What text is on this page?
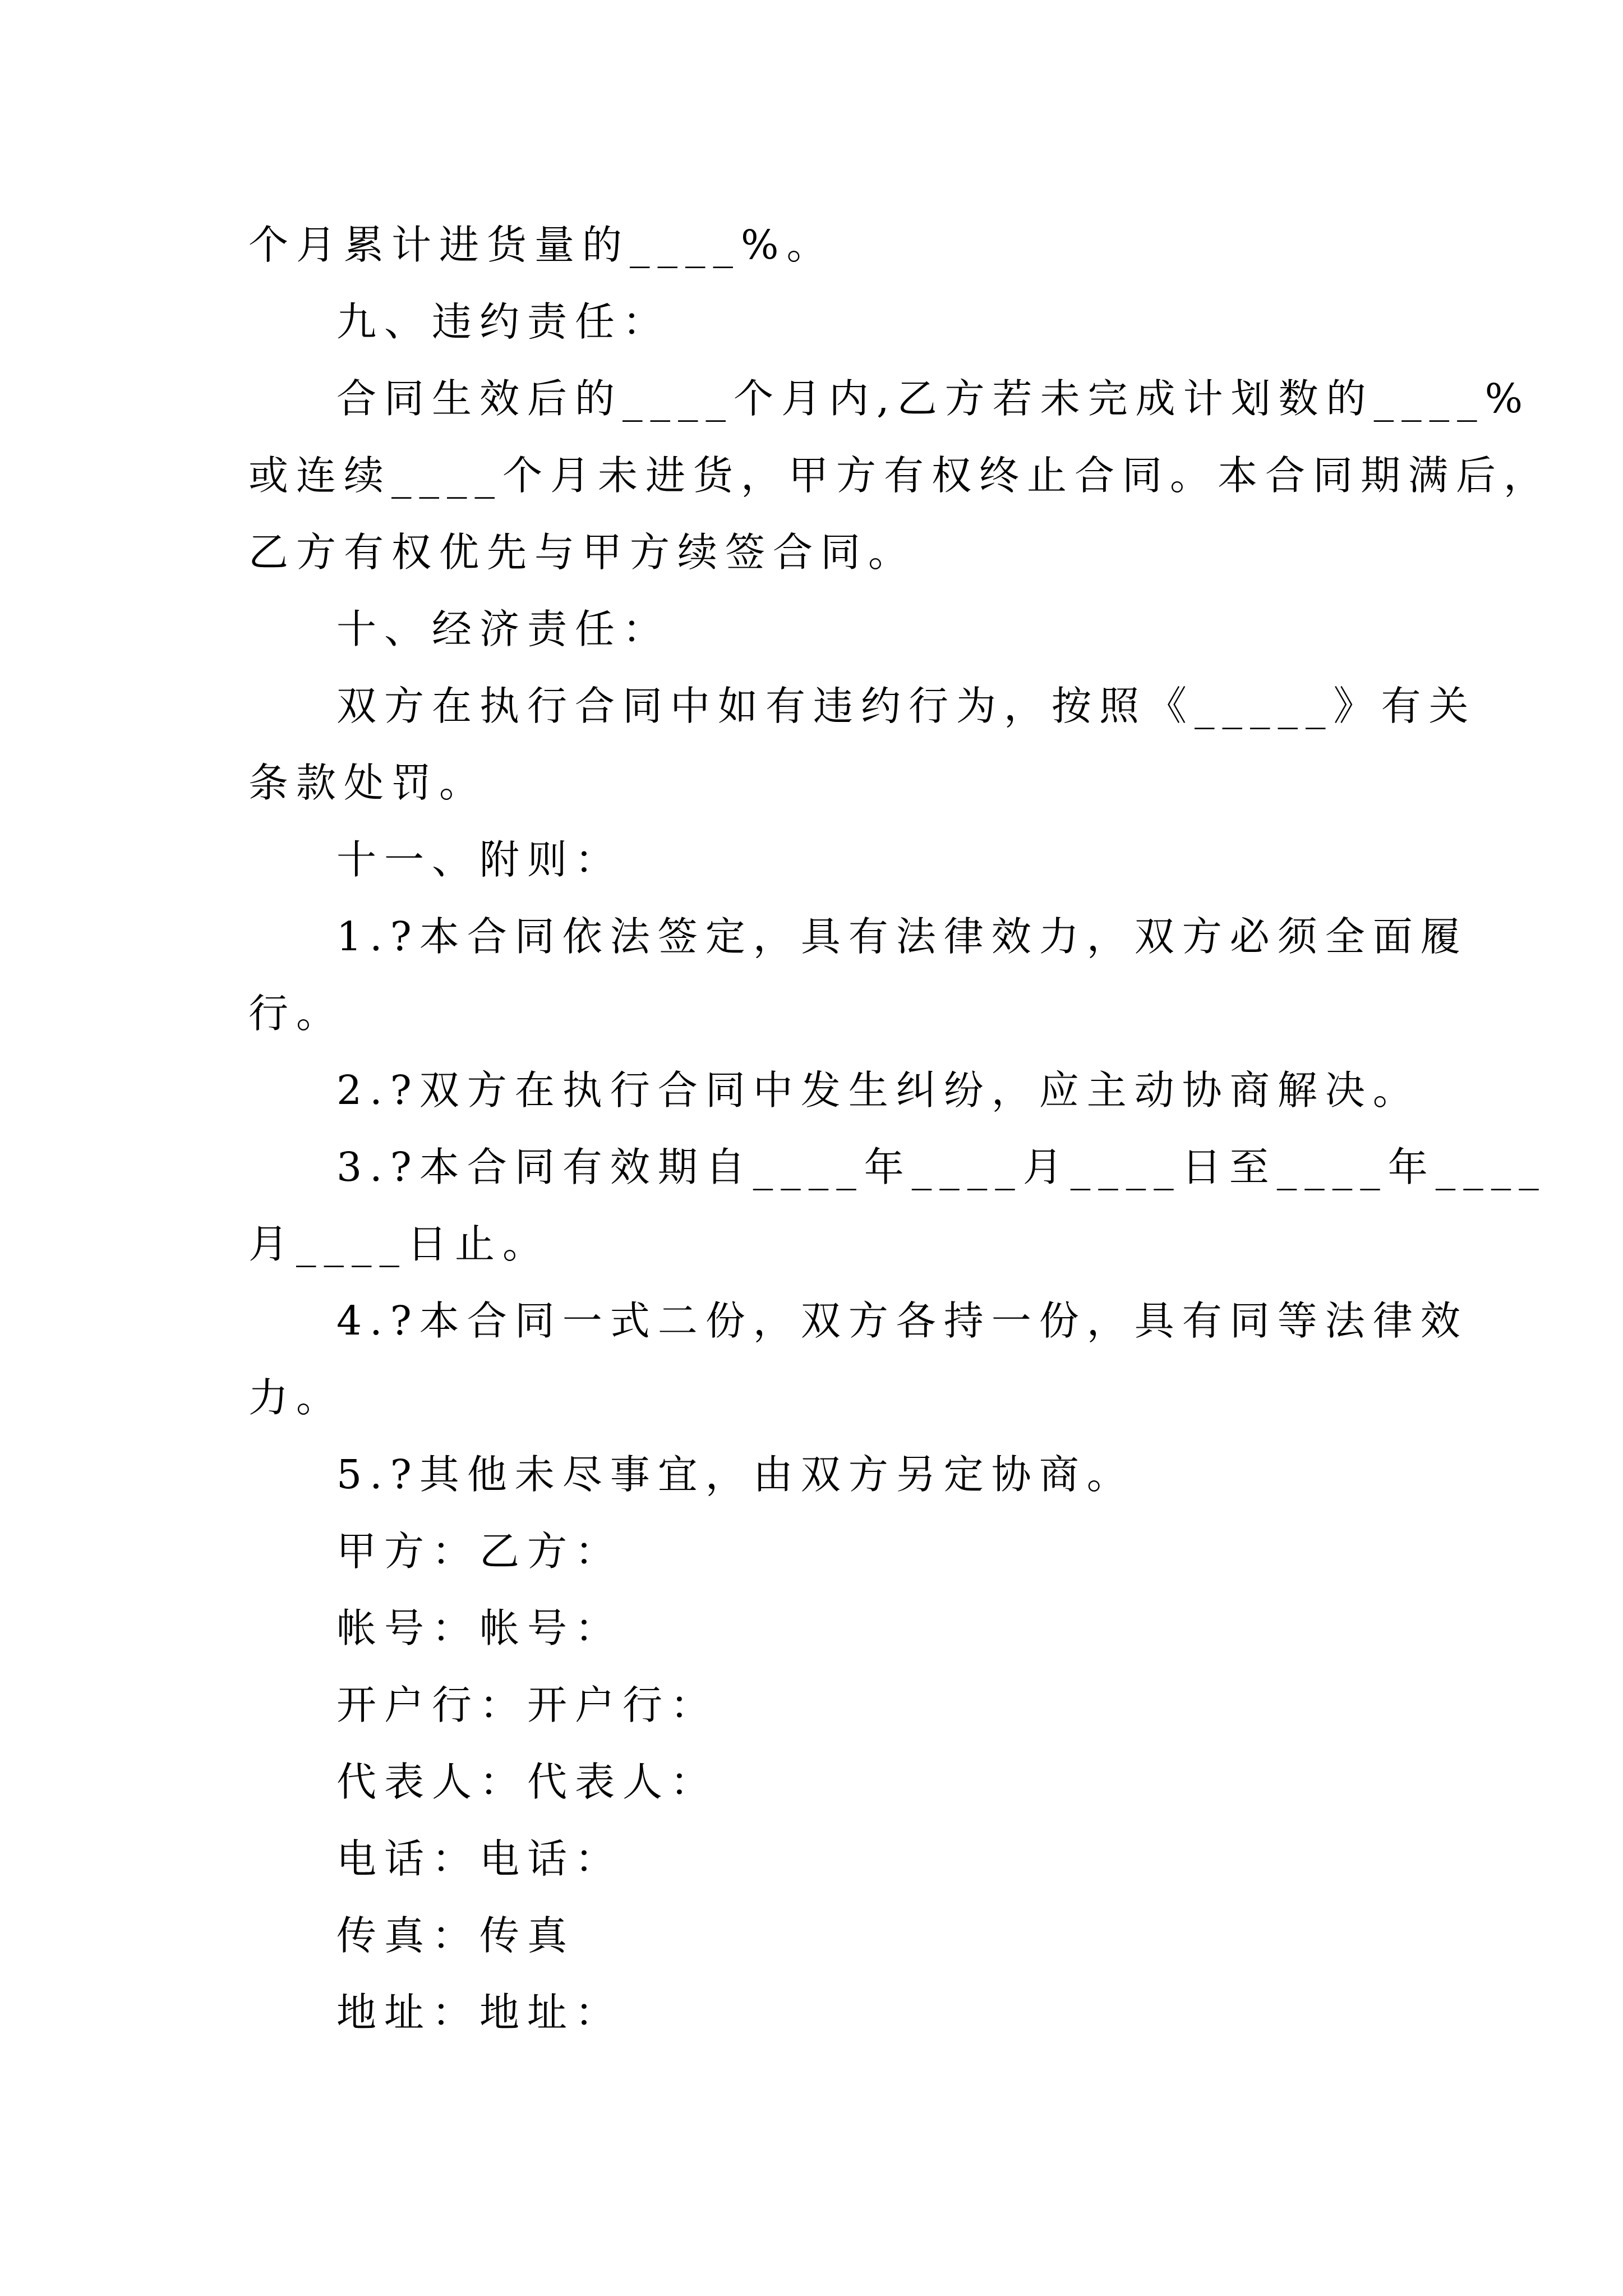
个月累计进货量的____%。
九、违约责任：
合同生效后的____个月内,乙方若未完成计划数的____%
或连续____个月未进货，甲方有权终止合同。本合同期满后，
乙方有权优先与甲方续签合同。
十、经济责任：
双方在执行合同中如有违约行为，按照《_____》有关
条款处罚。
十一、附则：
1.?本合同依法签定，具有法律效力，双方必须全面履
行。
2.?双方在执行合同中发生纠纷，应主动协商解决。
3.?本合同有效期自____年____月____日至____年____
月____日止。
4.?本合同一式二份，双方各持一份，具有同等法律效
力。
5.?其他未尽事宜，由双方另定协商。
甲方：乙方：
帐号：帐号：
开户行：开户行：
代表人：代表人：
电话：电话：
传真：传真
地址：地址：
